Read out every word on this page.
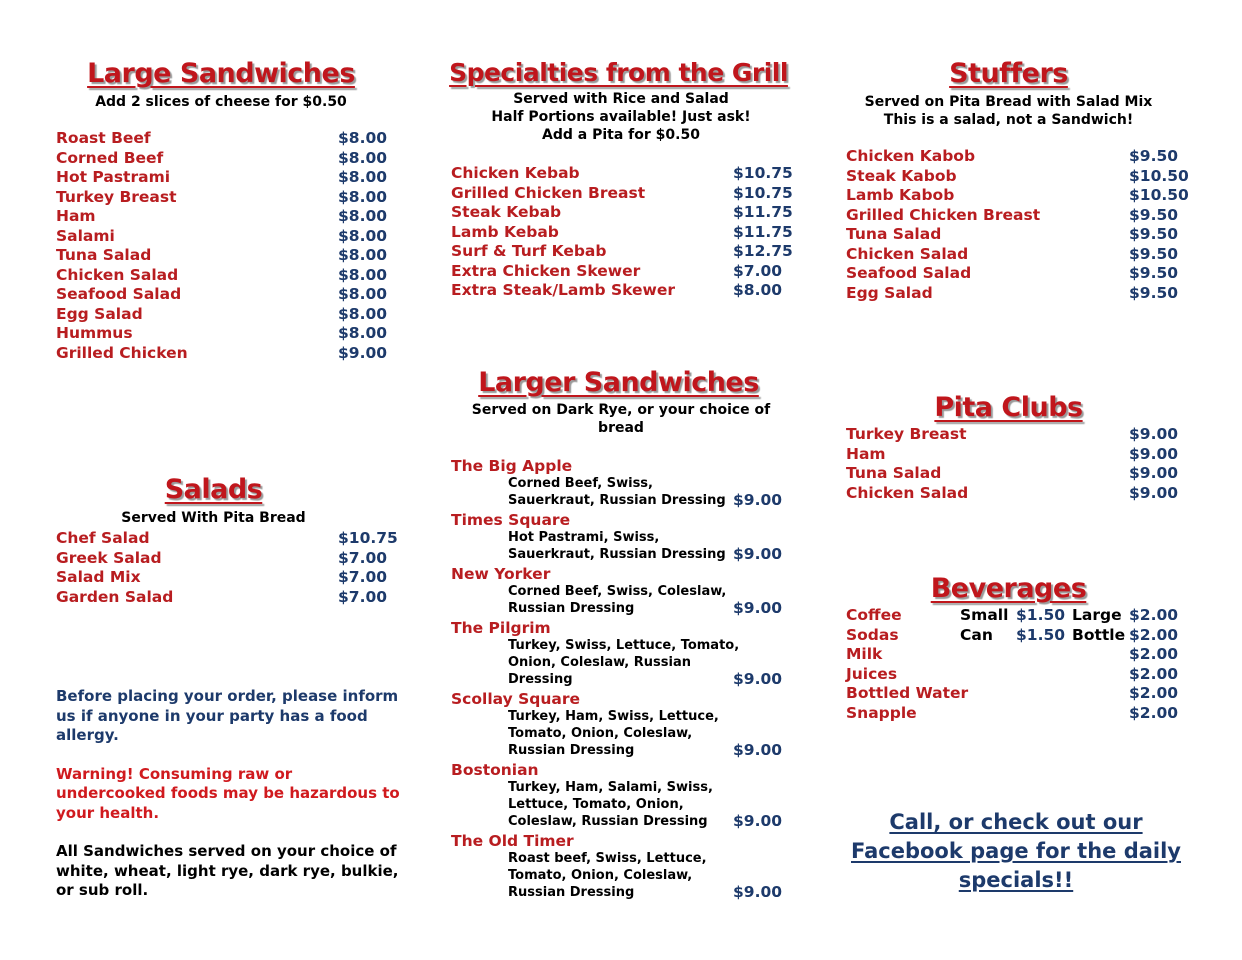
Large Sandwiches
Add 2 slices of cheese for $0.50
Roast Beef	$8.00
Corned Beef	$8.00
Hot Pastrami	$8.00
Turkey Breast	$8.00
Ham	$8.00
Salami	$8.00
Tuna Salad	$8.00
Chicken Salad	$8.00
Seafood Salad	$8.00
Egg Salad	$8.00
Hummus	$8.00
Grilled Chicken	$9.00
Salads
Served With Pita Bread
Chef Salad	$10.75
Greek Salad	$7.00
Salad Mix	$7.00
Garden Salad	$7.00

Before placing your order, please inform us if anyone in your party has a food allergy.

Warning! Consuming raw or undercooked foods may be hazardous to your health.

All Sandwiches served on your choice of white, wheat, light rye, dark rye, bulkie, or sub roll.

Specialties from the Grill
Served with Rice and Salad
Half Portions available! Just ask!
Add a Pita for $0.50
Chicken Kebab	$10.75
Grilled Chicken Breast	$10.75
Steak Kebab	$11.75
Lamb Kebab	$11.75
Surf & Turf Kebab	$12.75
Extra Chicken Skewer	$7.00
Extra Steak/Lamb Skewer	$8.00
Larger Sandwiches
Served on Dark Rye, or your choice of bread
The Big Apple
Corned Beef, Swiss,
Sauerkraut, Russian Dressing $9.00
Times Square
Hot Pastrami, Swiss,
Sauerkraut, Russian Dressing $9.00
New Yorker
Corned Beef, Swiss, Coleslaw,
Russian Dressing	$9.00
The Pilgrim
Turkey, Swiss, Lettuce, Tomato,
Onion, Coleslaw, Russian
Dressing	$9.00
Scollay Square
Turkey, Ham, Swiss, Lettuce,
Tomato, Onion, Coleslaw,
Russian Dressing	$9.00
Bostonian
Turkey, Ham, Salami, Swiss,
Lettuce, Tomato, Onion,
Coleslaw, Russian Dressing	$9.00
The Old Timer
Roast beef, Swiss, Lettuce,
Tomato, Onion, Coleslaw,
Russian Dressing	$9.00
Stuffers
Served on Pita Bread with Salad Mix
This is a salad, not a Sandwich!
Chicken Kabob	$9.50
Steak Kabob	$10.50
Lamb Kabob	$10.50
Grilled Chicken Breast	$9.50
Tuna Salad	$9.50
Chicken Salad	$9.50
Seafood Salad	$9.50
Egg Salad	$9.50
Pita Clubs
Turkey Breast	$9.00
Ham	$9.00
Tuna Salad	$9.00
Chicken Salad	$9.00
Beverages
Coffee	Small $1.50 Large $2.00
Sodas	Can $1.50 Bottle $2.00
Milk	$2.00
Juices	$2.00
Bottled Water	$2.00
Snapple	$2.00
Call, or check out our
Facebook page for the daily
specials!!
